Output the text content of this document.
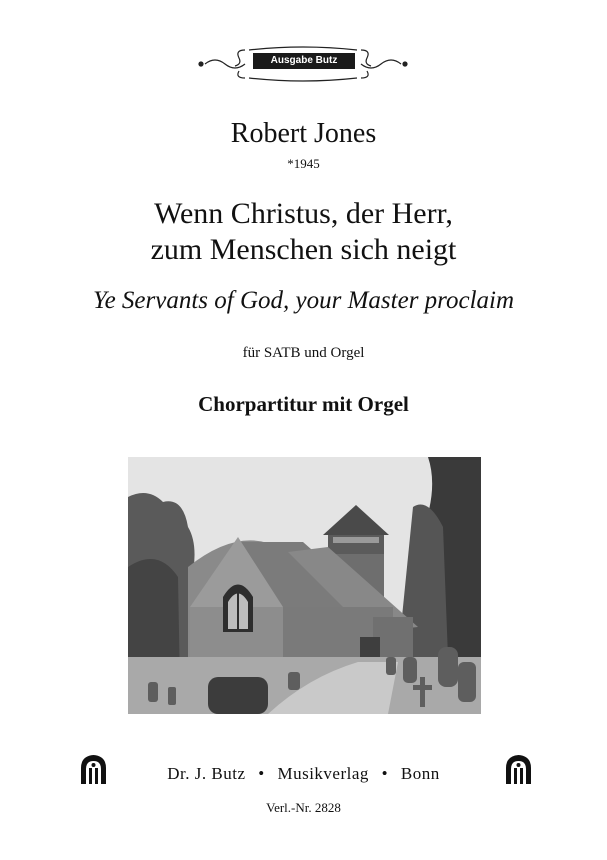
Ausgabe Butz
Robert Jones
*1945
Wenn Christus, der Herr,
zum Menschen sich neigt
Ye Servants of God, your Master proclaim
für SATB und Orgel
Chorpartitur mit Orgel
Dr. J. Butz • Musikverlag • Bonn
Verl.-Nr. 2828
